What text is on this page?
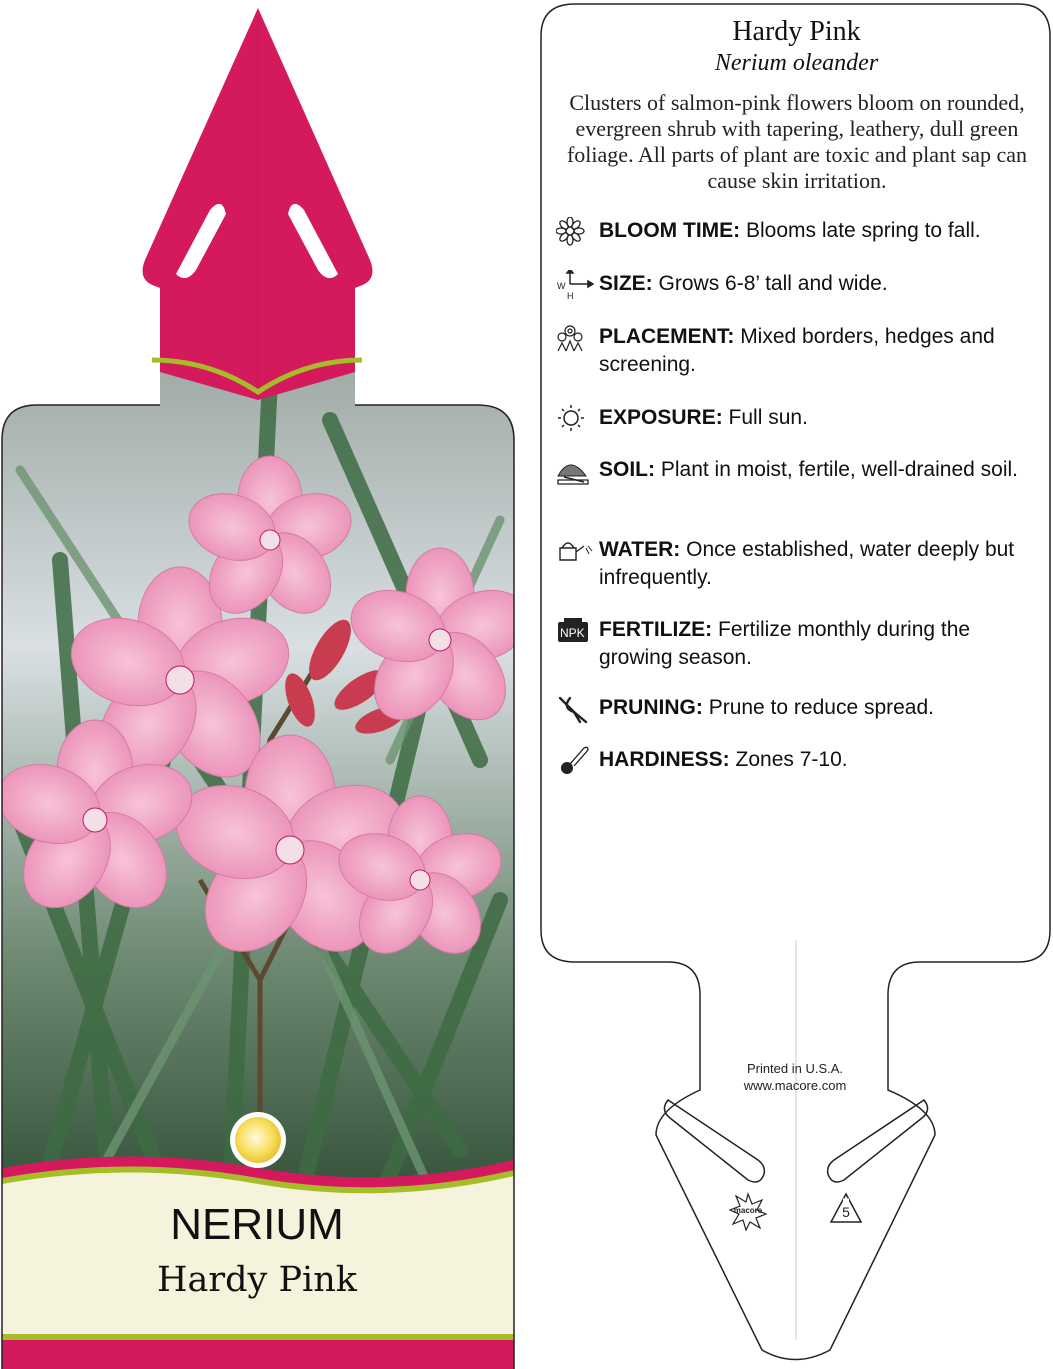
NERIUM
Hardy Pink
Hardy Pink
Nerium oleander
Clusters of salmon-pink flowers bloom on rounded, evergreen shrub with tapering, leathery, dull green foliage. All parts of plant are toxic and plant sap can cause skin irritation.
BLOOM TIME: Blooms late spring to fall.
W
H
SIZE: Grows 6-8’ tall and wide.
PLACEMENT: Mixed borders, hedges and screening.
EXPOSURE: Full sun.
SOIL: Plant in moist, fertile, well-drained soil.
WATER: Once established, water deeply but infrequently.
NPK FERTILIZE: Fertilize monthly during the growing season.
PRUNING: Prune to reduce spread.
HARDINESS: Zones 7-10.
Printed in U.S.A.
www.macore.com
macore	5
